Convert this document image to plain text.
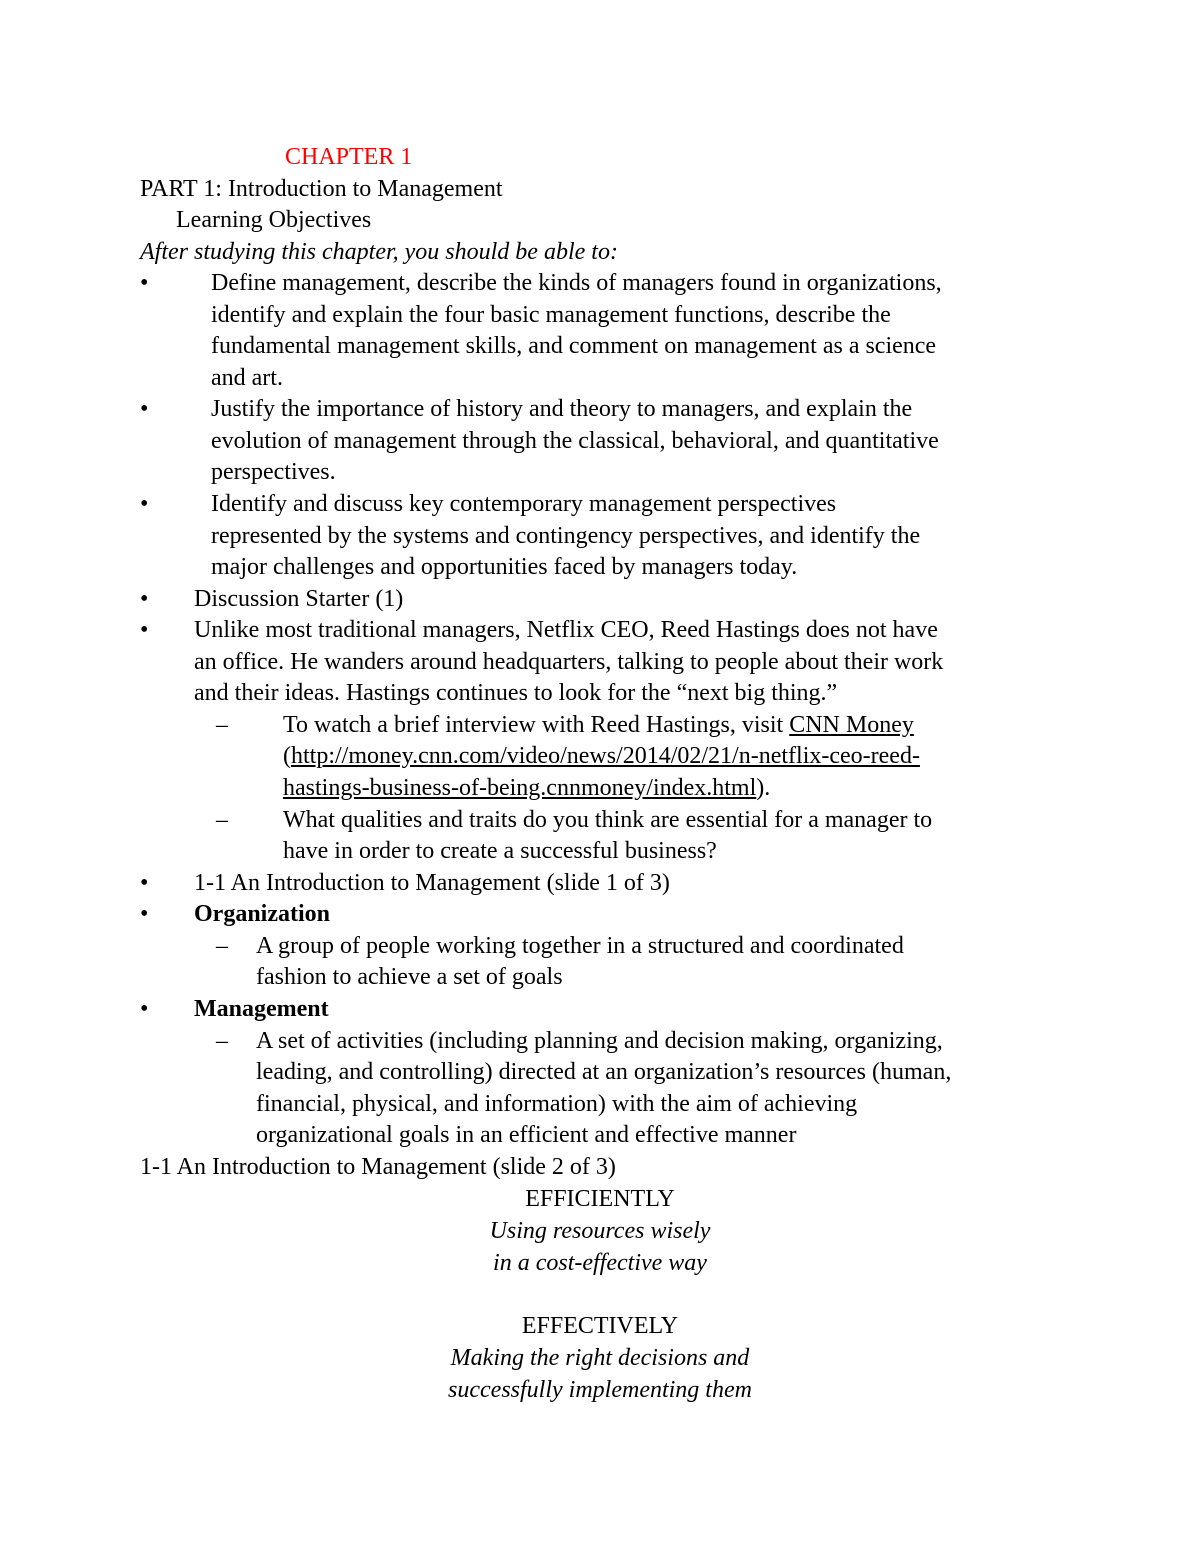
CHAPTER 1
PART 1: Introduction to Management
Learning Objectives
After studying this chapter, you should be able to:
•	Define management, describe the kinds of managers found in organizations,
identify and explain the four basic management functions, describe the
fundamental management skills, and comment on management as a science
and art.
•	Justify the importance of history and theory to managers, and explain the
evolution of management through the classical, behavioral, and quantitative
perspectives.
•	Identify and discuss key contemporary management perspectives
represented by the systems and contingency perspectives, and identify the
major challenges and opportunities faced by managers today.
• Discussion Starter (1)
• Unlike most traditional managers, Netflix CEO, Reed Hastings does not have
an office. He wanders around headquarters, talking to people about their work
and their ideas. Hastings continues to look for the “next big thing.”
– To watch a brief interview with Reed Hastings, visit CNN Money
(http://money.cnn.com/video/news/2014/02/21/n-netflix-ceo-reed-
hastings-business-of-being.cnnmoney/index.html).
– What qualities and traits do you think are essential for a manager to
have in order to create a successful business?
• 1-1 An Introduction to Management (slide 1 of 3)
• Organization
– A group of people working together in a structured and coordinated
fashion to achieve a set of goals
• Management
– A set of activities (including planning and decision making, organizing,
leading, and controlling) directed at an organization’s resources (human,
financial, physical, and information) with the aim of achieving
organizational goals in an efficient and effective manner
1-1 An Introduction to Management (slide 2 of 3)
EFFICIENTLY
Using resources wisely
in a cost-effective way
EFFECTIVELY
Making the right decisions and
successfully implementing them
